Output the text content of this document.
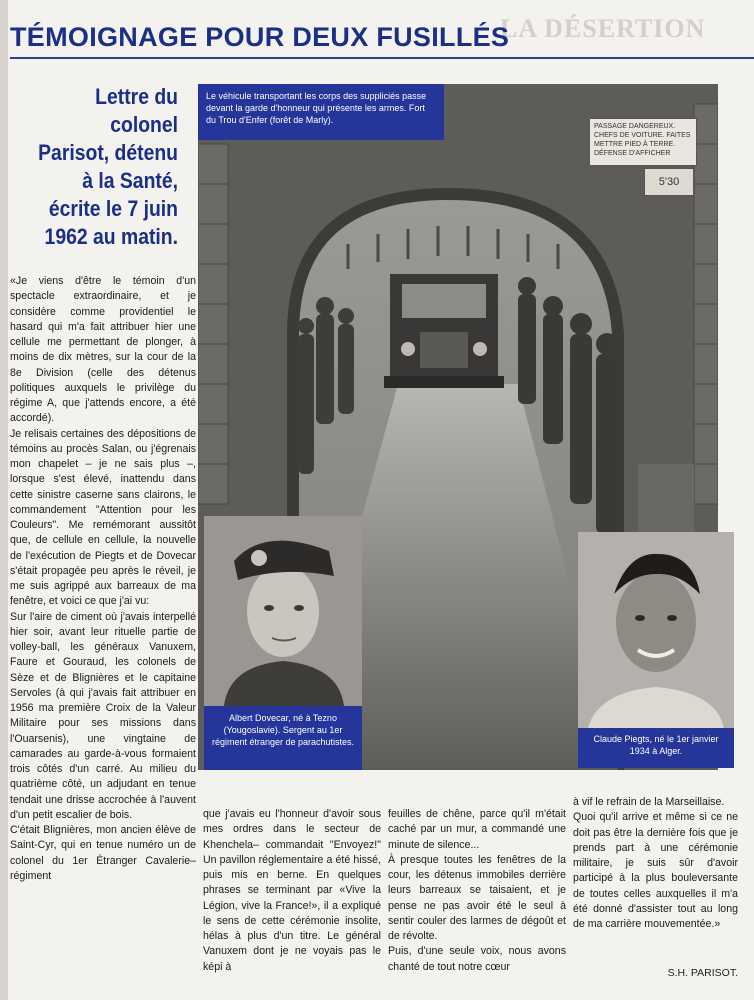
LA DÉSERTION
TÉMOIGNAGE POUR DEUX FUSILLÉS
Lettre du colonel Parisot, détenu à la Santé, écrite le 7 juin 1962 au matin.
PASSAGE DANGEREUX. CHEFS DE VOITURE. FAITES METTRE PIED À TERRE. DÉFENSE D'AFFICHER
5'30
Le véhicule transportant les corps des suppliciés passe devant la garde d'honneur qui présente les armes. Fort du Trou d'Enfer (forêt de Marly).
Albert Dovecar, né à Tezno (Yougoslavie). Sergent au 1er régiment étranger de parachutistes.	Claude Piegts, né le 1er janvier 1934 à Alger.

«Je viens d'être le témoin d'un spectacle extraordinaire, et je considère comme providentiel le hasard qui m'a fait attribuer hier une cellule me permettant de plonger, à moins de dix mètres, sur la cour de la 8e Division (celle des détenus politiques auxquels le privilège du régime A, que j'attends encore, a été accordé).

Je relisais certaines des dépositions de témoins au procès Salan, ou j'égrenais mon chapelet – je ne sais plus –, lorsque s'est élevé, inattendu dans cette sinistre caserne sans clairons, le commandement "Attention pour les Couleurs". Me remémorant aussitôt que, de cellule en cellule, la nouvelle de l'exécution de Piegts et de Dovecar s'était propagée peu après le réveil, je me suis agrippé aux barreaux de ma fenêtre, et voici ce que j'ai vu:

Sur l'aire de ciment où j'avais interpellé hier soir, avant leur rituelle partie de volley-ball, les généraux Vanuxem, Faure et Gouraud, les colonels de Sèze et de Blignières et le capitaine Servoles (à qui j'avais fait attribuer en 1956 ma première Croix de la Valeur Militaire pour ses missions dans l'Ouarsenis), une vingtaine de camarades au garde-à-vous formaient trois côtés d'un carré. Au milieu du quatrième côté, un adjudant en tenue tendait une drisse accrochée à l'auvent d'un petit escalier de bois.

C'était Blignières, mon ancien élève de Saint-Cyr, qui en tenue numéro un de colonel du 1er Étranger Cavalerie– régiment

que j'avais eu l'honneur d'avoir sous mes ordres dans le secteur de Khenchela– commandait "Envoyez!" Un pavillon réglementaire a été hissé, puis mis en berne. En quelques phrases se terminant par «Vive la Légion, vive la France!», il a expliqué le sens de cette cérémonie insolite, hélas à plus d'un titre. Le général Vanuxem dont je ne voyais pas le képi à

feuilles de chêne, parce qu'il m'était caché par un mur, a commandé une minute de silence...

À presque toutes les fenêtres de la cour, les détenus immobiles derrière leurs barreaux se taisaient, et je pense ne pas avoir été le seul à sentir couler des larmes de dégoût et de révolte.

Puis, d'une seule voix, nous avons chanté de tout notre cœur

à vif le refrain de la Marseillaise.

Quoi qu'il arrive et même si ce ne doit pas être la dernière fois que je prends part à une cérémonie militaire, je suis sûr d'avoir participé à la plus bouleversante de toutes celles auxquelles il m'a été donné d'assister tout au long de ma carrière mouvementée.»

S.H. PARISOT.
